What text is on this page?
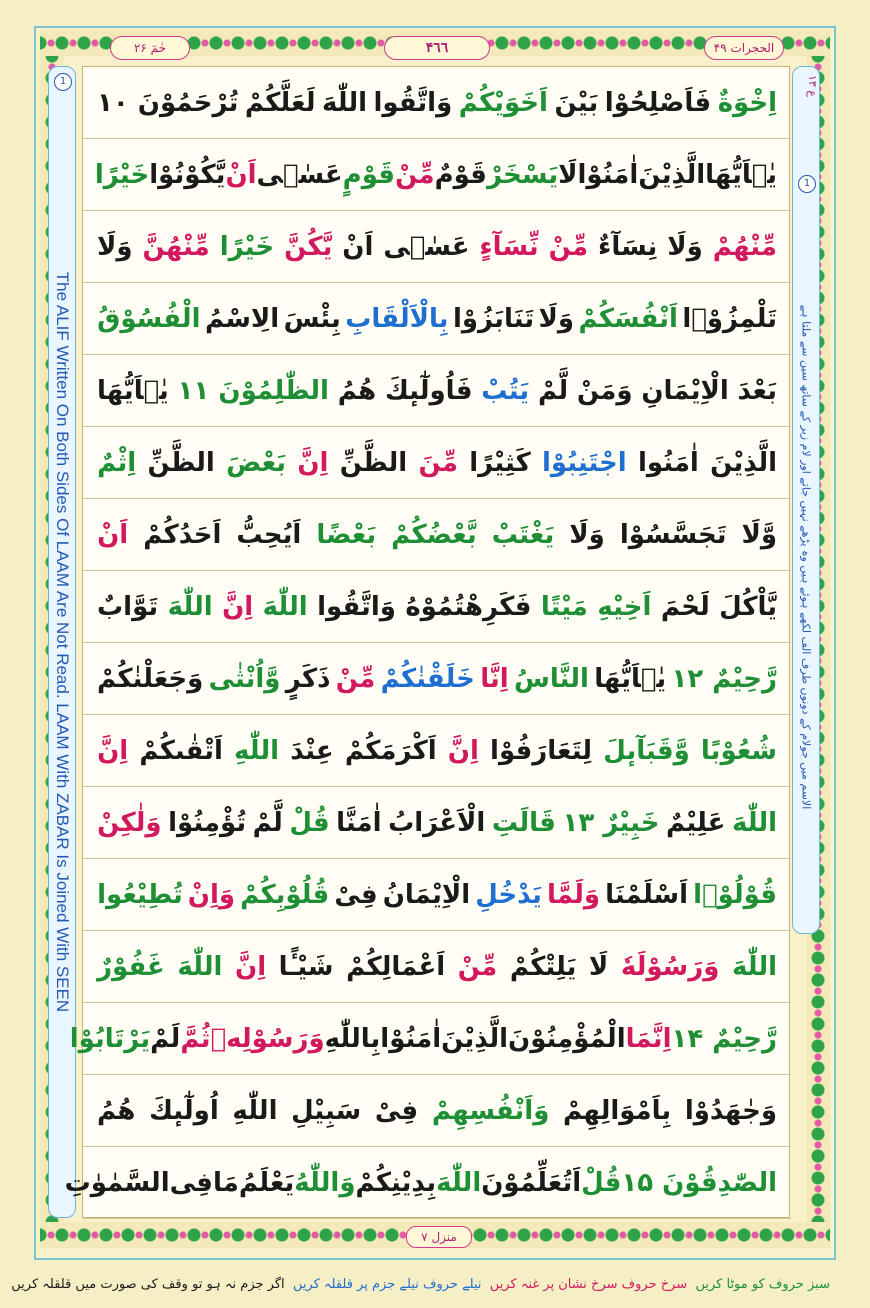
حٰمٓ ۲۶	۴٦٦	الحجرات ۴۹
1
The ALIF Written On Both Sides Of LAAM Are Not Read. LAAM With ZABAR Is Joined With SEEN
ع ۱۳
1
الاسم میں جولام کے دونوں طرف الف لکھے ہوئے ہیں وہ پڑھے نہیں جاتے اور لام زبر کے ساتھ سین سے ملتا ہے
اِخْوَةٌ
فَاَصْلِحُوْا
بَیْنَ
اَخَوَیْكُمْ
وَاتَّقُوا
اللّٰهَ
لَعَلَّكُمْ
تُرْحَمُوْنَ ۱۰
یٰۤاَیُّهَا
الَّذِیْنَ
اٰمَنُوْا
لَا
یَسْخَرْ
قَوْمٌ
مِّنْ
قَوْمٍ
عَسٰۤى
اَنْ
یَّكُوْنُوْا
خَیْرًا
مِّنْهُمْ
وَلَا
نِسَآءٌ
مِّنْ
نِّسَآءٍ
عَسٰۤى
اَنْ
یَّكُنَّ
خَیْرًا
مِّنْهُنَّ
وَلَا
تَلْمِزُوْۤا
اَنْفُسَكُمْ
وَلَا
تَنَابَزُوْا
بِالْاَلْقَابِ
بِئْسَ
الِاسْمُ
الْفُسُوْقُ
بَعْدَ
الْاِیْمَانِ
وَمَنْ
لَّمْ
یَتُبْ
فَاُولٰٓىٕكَ
هُمُ
الظّٰلِمُوْنَ ۱۱
یٰۤاَیُّهَا
الَّذِیْنَ
اٰمَنُوا
اجْتَنِبُوْا
كَثِیْرًا
مِّنَ
الظَّنِّ
اِنَّ
بَعْضَ
الظَّنِّ
اِثْمٌ
وَّلَا
تَجَسَّسُوْا
وَلَا
یَغْتَبْ
بَّعْضُكُمْ
بَعْضًا
اَیُحِبُّ
اَحَدُكُمْ
اَنْ
یَّاْكُلَ
لَحْمَ
اَخِیْهِ
مَیْتًا
فَكَرِهْتُمُوْهُ
وَاتَّقُوا
اللّٰهَ
اِنَّ
اللّٰهَ
تَوَّابٌ
رَّحِیْمٌ ۱۲
یٰۤاَیُّهَا
النَّاسُ
اِنَّا
خَلَقْنٰكُمْ
مِّنْ
ذَكَرٍ
وَّاُنْثٰى
وَجَعَلْنٰكُمْ
شُعُوْبًا
وَّقَبَآىٕلَ
لِتَعَارَفُوْا
اِنَّ
اَكْرَمَكُمْ
عِنْدَ
اللّٰهِ
اَتْقٰىكُمْ
اِنَّ
اللّٰهَ
عَلِیْمٌ
خَبِیْرٌ ۱۳
قَالَتِ
الْاَعْرَابُ
اٰمَنَّا
قُلْ
لَّمْ
تُؤْمِنُوْا
وَلٰكِنْ
قُوْلُوْۤا
اَسْلَمْنَا
وَلَمَّا
یَدْخُلِ
الْاِیْمَانُ
فِیْ
قُلُوْبِكُمْ
وَاِنْ
تُطِیْعُوا
اللّٰهَ
وَرَسُوْلَهٗ
لَا
یَلِتْكُمْ
مِّنْ
اَعْمَالِكُمْ
شَیْـًٔا
اِنَّ
اللّٰهَ
غَفُوْرٌ
رَّحِیْمٌ ۱۴
اِنَّمَا
الْمُؤْمِنُوْنَ
الَّذِیْنَ
اٰمَنُوْا
بِاللّٰهِ
وَرَسُوْلِهٖ
ثُمَّ
لَمْ
یَرْتَابُوْا
وَجٰهَدُوْا
بِاَمْوَالِهِمْ
وَاَنْفُسِهِمْ
فِیْ
سَبِیْلِ
اللّٰهِ
اُولٰٓىٕكَ
هُمُ
الصّٰدِقُوْنَ ۱۵
قُلْ
اَتُعَلِّمُوْنَ
اللّٰهَ
بِدِیْنِكُمْ
وَاللّٰهُ
یَعْلَمُ
مَا
فِی
السَّمٰوٰتِ
منزل ٧
سبز حروف کو موٹا کریں  سرخ حروف سرخ نشان پر غنہ کریں  نیلے حروف نیلے جزم پر قلقلہ کریں  اگر جزم نہ ہو تو وقف کی صورت میں قلقلہ کریں
